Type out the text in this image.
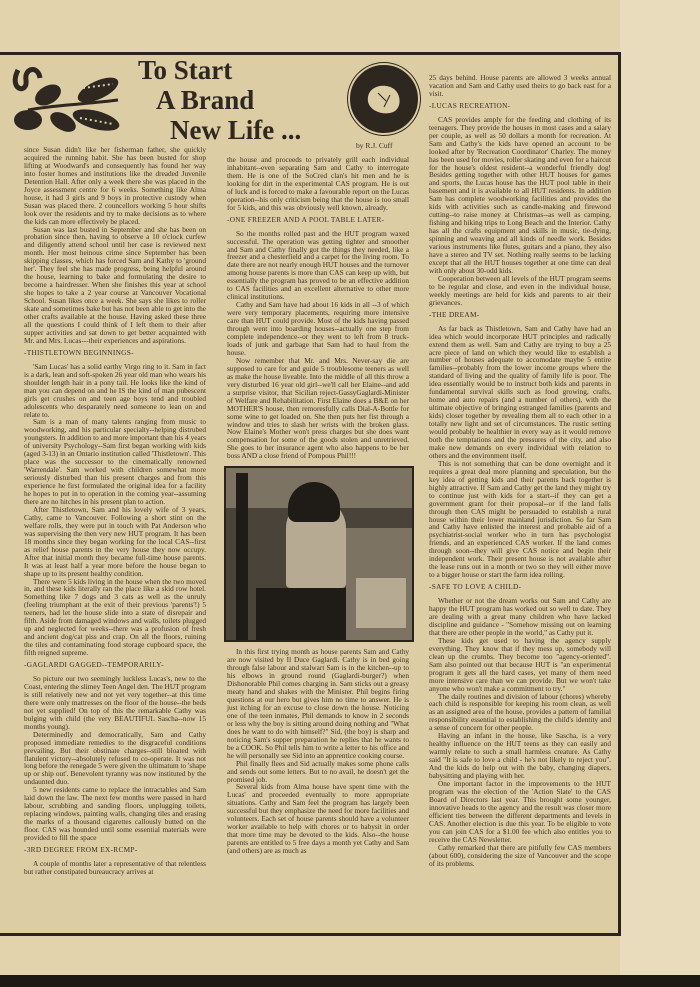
To Start
A Brand
New Life ...
by R.J. Cuff

since Susan didn't like her fisherman father, she quickly acquired the running habit. She has been busted for shop lifting at Woodward's and consequently has found her way into foster homes and institutions like the dreaded Juvenile Detention Hall. After only a week there she was placed in the Joyce assessment centre for 6 weeks. Something like Alma house, it had 3 girls and 9 boys in protective custody when Susan was placed there. 2 councellors working 5 hour shifts look over the residents and try to make decisions as to where the kids can more effectively be placed.

Susan was last busted in September and she has been on probation since then, having to observe a 10 o'clock curfew and diligently attend school until her case is reviewed next month. Her most heinous crime since September has been skipping classes, which has forced Sam and Kathy to 'ground her'. They feel she has made progress, being helpful around the house, learning to bake and formulating the desire to become a hairdresser. When she finishes this year at school she hopes to take a 2 year course at Vancouver Vocational School. Susan likes once a week. She says she likes to roller skate and sometimes bake but has not been able to get into the other crafts available at the house. Having asked these three all the questions I could think of I left them to their after supper activities and sat down to get better acquainted with Mr. and Mrs. Lucas---their experiences and aspirations.

-THISTLETOWN BEGINNINGS-

'Sam Lucas' has a solid earthy Virgo ring to it. Sam in fact is a dark, lean and soft-spoken 26 year old man who wears his shoulder length hair in a pony tail. He looks like the kind of man you can depend on and he IS the kind of man pubescent girls get crushes on and teen age boys tend and troubled adolescents who desparately need someone to lean on and relate to.

Sam is a man of many talents ranging from music to woodworking, and his particular specialty--helping distrubed youngsters. In addition to and more important than his 4 years of university Psychology--Sam first began working with kids (aged 3-13) in an Ontario institution called 'Thistletown'. This place was the successor to the cinematically renowned 'Warrendale'. Sam worked with children somewhat more seriously disturbed than his present charges and from this experience he first formulated the original idea for a facility he hopes to put in to operation in the coming year--assuming there are no hitches in his present plan to action.

After Thistletown, Sam and his lovely wife of 3 years, Cathy, came to Vancouver. Following a short stint on the welfare rolls, they were put in touch with Pat Anderson who was supervising the then very new HUT program. It has been 18 months since they began working for the local CAS--first as relief house parents in the very house they now occupy. After that initial month they became full-time house parents. It was at least half a year more before the house began to shape up to its present healthy condition.

There were 5 kids living in the house when the two moved in, and these kids literally ran the place like a skid row hotel. Something like 7 dogs and 3 cats as well as the unruly (feeling triumphant at the exit of their previous 'parents'!) 5 teeners, had let the house slide into a state of disrepair and filth. Aside from damaged windows and walls, toilets plugged up and neglected for weeks--there was a profusion of fresh and ancient dog/cat piss and crap. On all the floors, ruining the tiles and contaminating food storage cupboard space, the filth reigned supreme.

-GAGLARDI GAGGED--TEMPORARILY-

So picture our two seemingly luckless Lucas's, new to the Coast, entering the slimey Teen Angel den. The HUT program is still relatively new and not yet very together--at this time there were only mattresses on the floor of the house--the beds not yet supplied! On top of this the remarkable Cathy was bulging with child (the very BEAUTIFUL Sascha--now 15 months young).

Determinedly and democratically, Sam and Cathy proposed immediate remedies to the disgraceful conditions prevailing. But their obstinate charges--still bloated with flatulent victory--absolutely refused to co-operate. It was not long before the renegade 5 were given the ultimatum to 'shape up or ship out'. Benevolent tyranny was now instituted by the undaunted duo.

5 new residents came to replace the intractables and Sam laid down the law. The next few months were passed in hard labour, scrubbing and sanding floors, unplugging toilets, replacing windows, painting walls, changing tiles and erasing the marks of a thousand cigarettes callously butted on the floor. CAS was hounded until some essential materials were provided to fill the space

-3RD DEGREE FROM EX-RCMP-

A couple of months later a representative of that relentless but rather constipated bureaucracy arrives at

the house and proceeds to privately grill each individual inhabitant--even separating Sam and Cathy to interrogate them. He is one of the SoCred clan's hit men and he is looking for dirt in the experimental CAS program. He is out of luck and is forced to make a favourable report on the Lucas operation--his only criticism being that the house is too small for 5 kids, and this was obviously well known, already.

-ONE FREEZER AND A POOL TABLE LATER-

So the months rolled past and the HUT program waxed successful. The operation was getting tighter and smoother and Sam and Cathy finally got the things they needed, like a freezer and a chesterfield and a carpet for the living room. To date there are not nearly enough HUT houses and the turnover among house parents is more than CAS can keep up with, but essentially the program has proved to be an effective addition to CAS facilities and an excellent alternative to other more clinical institutions.

Cathy and Sam have had about 16 kids in all --3 of which were very temporary placements, requiring more intensive care than HUT could provide. Most of the kids having passed through went into boarding houses--actually one step from complete independence--or they went to left from 8 truck-loads of junk and garbage that Sam had to haul from the house.

Now remember that Mr. and Mrs. Never-say die are supposed to care for and guide 5 troublesome teeners as well as make the house liveable. Into the middle of all this throw a very disturbed 16 year old girl--we'll call her Elaine--and add a surprise visitor, that Sicilian reject-GassyGaglardi-Minister of Welfare and Rehabilitation. First Elaine does a B&E on her MOTHER'S house, then remoresfully calls Dial-A-Bottle for some wine to get loaded on. She then puts her fist through a window and tries to slash her wrists with the broken glass. Now Elaine's Mother won't press charges but she does want compensation for some of the goods stolen and unretrieved. She goes to her insurance agent who also happens to be her boss AND a close friend of Pompous Phil!!!

In this first trying month as house parents Sam and Cathy are now visited by Il Duce Gaglardi. Cathy is in bed going through false labour and stalwart Sam is in the kitchen--up to his elbows in ground round (Gaglardi-burger?) when Dishonorable Phil comes charging in. Sam sticks out a greasy meaty hand and shakes with the Minister. Phil begins firing questions at our hero but gives him no time to answer. He is just itching for an excuse to close down the house. Noticing one of the teen inmates, Phil demands to know in 2 seconds or less why the boy is sitting around doing nothing and "What does he want to do with himself?" Sid, (the boy) is sharp and noticing Sam's supper preparation he replies that he wants to be a COOK. So Phil tells him to write a letter to his office and he will personally see Sid into an apprentice cooking course.

Phil finally flees and Sid actually makes some phone calls and sends out some letters. But to no avail, he doesn't get the promised job.

Several kids from Alma house have spent time with the Lucas' and proceeded eventually to more appropriate situations. Cathy and Sam feel the program has largely been successful but they emphasize the need for more facilities and volunteers. Each set of house parents should have a volunteer worker available to help with chores or to babysit in order that more time may be devoted to the kids. Also--the house parents are entitled to 5 free days a month yet Cathy and Sam (and others) are as much as

25 days behind. House parents are allowed 3 weeks annual vacation and Sam and Cathy used theirs to go back east for a visit.

-LUCAS RECREATION-

CAS provides amply for the feeding and clothing of its teenagers. They provide the houses in most cases and a salary per couple, as well as 50 dollars a month for recreation. At Sam and Cathy's the kids have opened an account to be looked after by 'Recreation Coordinator' Charley. The money has been used for movies, roller skating and even for a haircut for the house's oldest resident--a wonderful friendly dog! Besides getting together with other HUT houses for games and sports, the Lucas house has the HUT pool table in their basement and it is available to all HUT residents. In addition Sam has complete woodworking facilities and provides the kids with activities such as candle-making and firewood cutting--to raise money at Christmas--as well as camping, fishing and hiking trips to Long Beach and the Interior. Cathy has all the crafts equipment and skills in music, tie-dying, spinning and weaving and all kinds of needle work. Besides various instruments like flutes, guitars and a piano, they also have a stereo and TV set. Nothing really seems to be lacking except that all the HUT houses together at one time can deal with only about 30-odd kids.

Cooperation between all levels of the HUT program seems to be regular and close, and even in the individual house, weekly meetings are held for kids and parents to air their grievances.

-THE DREAM-

As far back as Thistletown, Sam and Cathy have had an idea which would incorporate HUT principles and radically extend them as well. Sam and Cathy are trying to buy a 25 acre piece of land on which they would like to establish a number of houses adequate to accomodate maybe 5 entire families--probably from the lower income groups where the standard of living and the quality of family life is poor. The idea essentially would be to instruct both kids and parents in fundamental survival skills such as food growing, crafts, home and auto repairs (and a number of others), with the ultimate objective of bringing estranged families (parents and kids) closer together by revealing them all to each other in a totally new light and set of circumstances. The rustic setting would probably be healthier in every way as it would remove both the temptations and the pressures of the city, and also make new demands on every individual with relation to others and the environment itself.

This is not something that can be done overnight and it requires a great deal more planning and speculation, but the key idea of getting kids and their parents back together is highly attractive. If Sam and Cathy get the land they might try to continue just with kids for a start--if they can get a government grant for their proposal--or if the land falls through then CAS might be persuaded to establish a rural house within their lower mainland jurisdiction. So far Sam and Cathy have enlisted the interest and probable aid of a psychiatrist-social worker who in turn has psychologist friends, and an experienced CAS worker. If the land comes through soon--they will give CAS notice and begin their independent work. Their present house is not available after the lease runs out in a month or two so they will either move to a bigger house or start the farm idea rolling.

-SAFE TO LOVE A CHILD-

Whether or not the dream works out Sam and Cathy are happy the HUT program has worked out so well to date. They are dealing with a great many children who have lacked discipline and guidance - "Somehow missing out on learning that there are other people in the world," as Cathy put it.

These kids get used to having the agency supply everything. They know that if they mess up, somebody will clean up the crumbs. They become too "agency-oriented". Sam also pointed out that because HUT is "an experimental program it gets all the hard cases, yet many of them need more intensive care than we can provide. But we won't take anyone who won't make a commitment to try."

The daily routines and division of labour (chores) whereby each child is responsible for keeping his room clean, as well as an assigned area of the house, provides a pattern of familial responsibility essential to establishing the child's identity and a sense of concern for other people.

Having an infant in the house, like Sascha, is a very healthy influence on the HUT teens as they can easily and warmly relate to such a small harmless creature. As Cathy said "It is safe to love a child - he's not likely to reject you". And the kids do help out with the baby, changing diapers, babysitting and playing with her.

One important factor in the improvements to the HUT program was the election of the 'Action Slate' to the CAS Board of Directors last year. This brought some younger, innovative heads to the agency and the result was closer more efficient ties between the different departments and levels in CAS. Another election is due this year. To be eligible to vote you can join CAS for a $1.00 fee which also entitles you to receive the CAS Newsletter.

Cathy remarked that there are pitifully few CAS members (about 600), considering the size of Vancouver and the scope of its problems.
